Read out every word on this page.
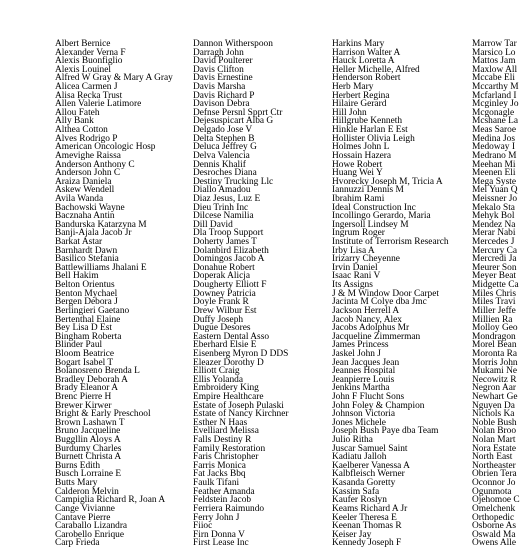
Albert Bernice
Alexander Verna F
Alexis Buonfiglio
Alexis Louinel
Alfred W Gray & Mary A Gray
Alicea Carmen J
Alisa Recka Trust
Allen Valerie Latimore
Allou Fateh
Ally Bank
Althea Cotton
Alves Rodrigo P
American Oncologic Hosp
Amevighe Raissa
Anderson Anthony C
Anderson John C
Araiza Daniela
Askew Wendell
Avila Wanda
Bachowski Wayne
Bacznaha Antin
Bandurska Katarzyna M
Banji-Ajala Jacob Jr
Barkat Astar
Barnhardt Dawn
Basilico Stefania
Battlewilliams Jhalani E
Bell Hakim
Belton Orientus
Benton Mychael
Bergen Debora J
Berlingieri Gaetano
Bertenthal Elaine
Bey Lisa D Est
Bingham Roberta
Blinder Paul
Bloom Beatrice
Bogart Isabel T
Bolanosreno Brenda L
Bradley Deborah A
Brady Eleanor A
Brenc Pierre H
Brewer Kirwer
Bright & Early Preschool
Brown Lashawn T
Bruno Jacqueline
Buggllin Aloys A
Burdumy Charles
Burnett Christa A
Burns Edith
Busch Lorraine E
Butts Mary
Calderon Melvin
Campiglia Richard R, Joan A
Cange Vivianne
Cantave Pierre
Caraballo Lizandra
Carobello Enrique
Carp Frieda
Dannon Witherspoon
Darragh John
David Poulterer
Davis Clifton
Davis Ernestine
Davis Marsha
Davis Richard P
Davison Debra
Defnse Persnl Spprt Ctr
Dejesuspicart Alba G
Delgado Jose V
Delta Stephen B
Deluca Jeffrey G
Delva Valencia
Dennis Khalif
Desroches Diana
Destiny Trucking Llc
Diallo Amadou
Diaz Jesus, Luz E
Dieu Trinh Inc
Dilcese Namilia
Dill David
Dla Troop Support
Doherty James T
Dolanbird Elizabeth
Domingos Jacob A
Donahue Robert
Doperak Alicja
Dougherty Elliott F
Downey Patricia
Doyle Frank R
Drew Wilbur Est
Duffy Joseph
Dugue Desores
Eastern Dental Asso
Eberhard Elsie E
Eisenberg Myron D DDS
Eleazer Dorothy D
Elliott Craig
Ellis Yolanda
Embroidery King
Empire Healthcare
Estate of Joseph Pulaski
Estate of Nancy Kirchner
Esther N Haas
Evelliard Melissa
Falls Destiny R
Family Restoration
Faris Christopher
Farris Monica
Fat Jacks Bbq
Faulk Tifani
Feather Amanda
Feldstein Jacob
Ferriera Raimundo
Ferry John J
Fiioc
Firn Donna V
First Lease Inc
Harkins Mary
Harrison Walter A
Hauck Loretta A
Heller Michelle, Alfred
Henderson Robert
Herb Mary
Herbert Regina
Hilaire Gerard
Hill John
Hillgrube Kenneth
Hinkle Harlan E Est
Hollister Olivia Leigh
Holmes John L
Hossain Hazera
Howe Robert
Huang Wei Y
Hvorecky Joseph M, Tricia A
Iannuzzi Dennis M
Ibrahim Rami
Ideal Construction Inc
Incollingo Gerardo, Maria
Ingersoll Lindsey M
Ingrum Roger
Institute of Terrorism Research
Irby Lisa A
Irizarry Cheyenne
Irvin Daniel
Isaac Rani V
Its Assigns
J & M Window Door Carpet
Jacinta M Colye dba Jmc
Jackson Herrell A
Jacob Nancy, Alex
Jacobs Adolphus Mr
Jacqueline Zimmerman
James Princess
Jaskel John J
Jean Jacques Jean
Jeannes Hospital
Jeanpierre Louis
Jenkins Martha
John F Flucht Sons
John Foley & Champion
Johnson Victoria
Jones Michele
Joseph Bush Paye dba Team
Julio Ritha
Juscar Samuel Saint
Kadiatu Jalloh
Kaelberer Vanessa A
Kalbfleisch Werner
Kasanda Goretty
Kassim Safa
Kaufer Roslyn
Keams Richard A Jr
Keeler Theresa E
Keenan Thomas R
Keiser Jay
Kennedy Joseph F
Marrow Tar
Marsico Lo
Mattos Jam
Maxlow All
Mccabe Eli
Mccarthy M
Mcfarland I
Mcginley Jo
Mcgonagle
Mcshane La
Meas Saroe
Medina Jos
Medoway I
Medrano M
Meehan Mi
Meenen Eli
Mega Syste
Mel Yuan Q
Meissner Jo
Mekalo Sta
Mehyk Bol
Mendez Na
Merar Nabi
Mercedes J
Mercury Ca
Mercredi Ja
Meurer Son
Meyer Beat
Midgette Ca
Miles Chris
Miles Travi
Miller Jeffe
Millien Ra
Molloy Geo
Mondragon
Morel Bean
Moronta Ra
Morris John
Mukami Ne
Necowitz R
Negron Aar
Newhart Ge
Nguyen Da
Nichols Ka
Noble Bush
Nolan Broo
Nolan Mart
Nora Estate
North East
Northeaster
Obrien Tera
Oconnor Jo
Ogunmota
Ojehomoe C
Omelchenk
Orthopedic
Osborne As
Oswald Ma
Owens Alle
